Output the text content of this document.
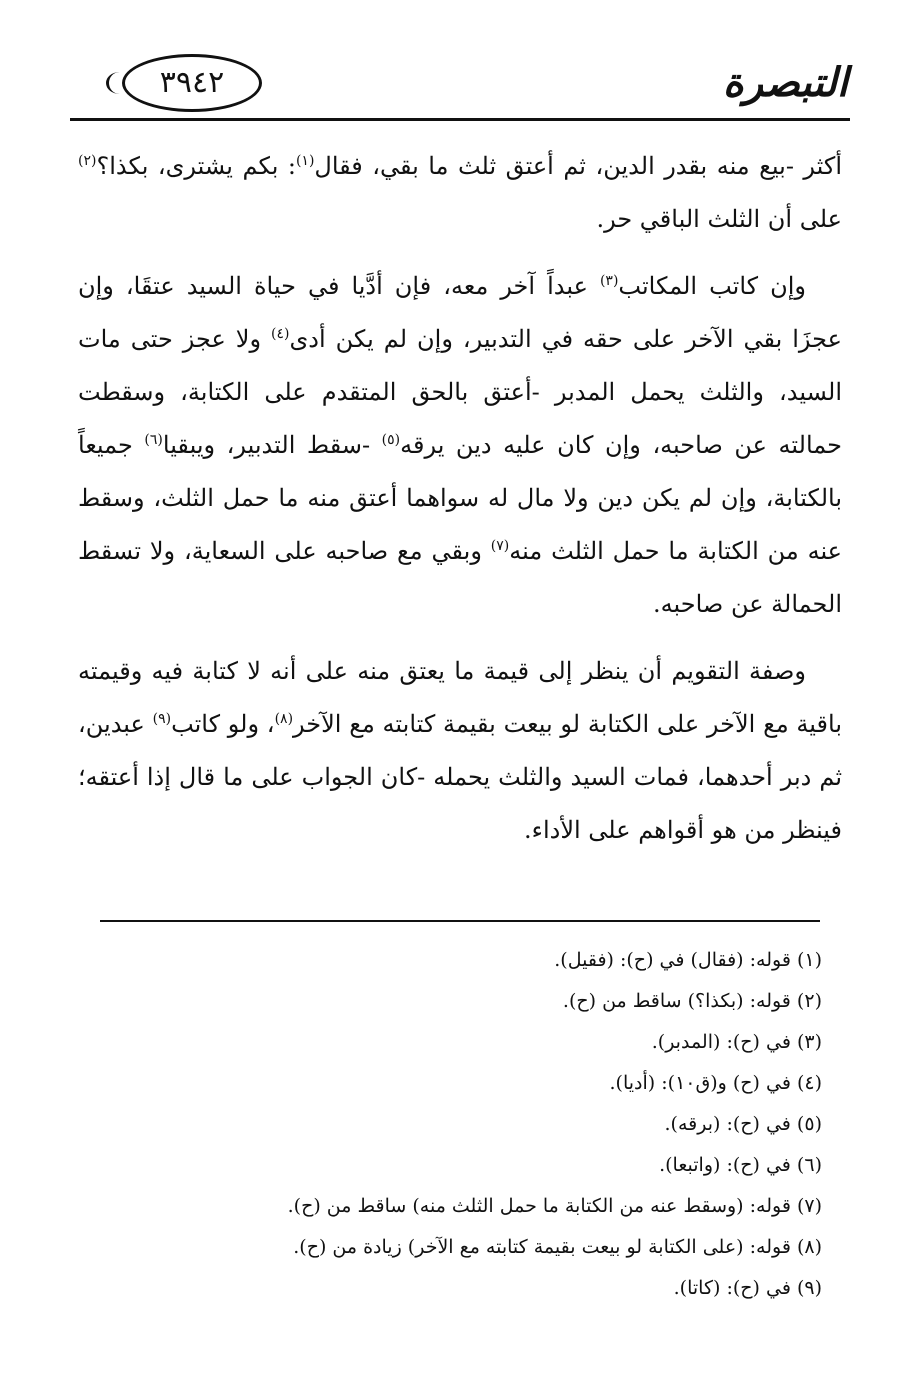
التبصرة
٣٩٤٢

أكثر -بيع منه بقدر الدين، ثم أعتق ثلث ما بقي، فقال$^{(١)}$: بكم يشترى، بكذا؟$^{(٢)}$ على أن الثلث الباقي حر.

وإن كاتب المكاتب$^{(٣)}$ عبداً آخر معه، فإن أدَّيا في حياة السيد عتقَا، وإن عجزَا بقي الآخر على حقه في التدبير، وإن لم يكن أدى$^{(٤)}$ ولا عجز حتى مات السيد، والثلث يحمل المدبر -أعتق بالحق المتقدم على الكتابة، وسقطت حمالته عن صاحبه، وإن كان عليه دين يرقه$^{(٥)}$ -سقط التدبير، ويبقيا$^{(٦)}$ جميعاً بالكتابة، وإن لم يكن دين ولا مال له سواهما أعتق منه ما حمل الثلث، وسقط عنه من الكتابة ما حمل الثلث منه$^{(٧)}$ وبقي مع صاحبه على السعاية، ولا تسقط الحمالة عن صاحبه.

وصفة التقويم أن ينظر إلى قيمة ما يعتق منه على أنه لا كتابة فيه وقيمته باقية مع الآخر على الكتابة لو بيعت بقيمة كتابته مع الآخر$^{(٨)}$، ولو كاتب$^{(٩)}$ عبدين، ثم دبر أحدهما، فمات السيد والثلث يحمله -كان الجواب على ما قال إذا أعتقه؛ فينظر من هو أقواهم على الأداء.

(١) قوله: (فقال) في (ح): (فقيل).
(٢) قوله: (بكذا؟) ساقط من (ح).
(٣) في (ح): (المدبر).
(٤) في (ح) و(ق١٠): (أديا).
(٥) في (ح): (برقه).
(٦) في (ح): (واتبعا).
(٧) قوله: (وسقط عنه من الكتابة ما حمل الثلث منه) ساقط من (ح).
(٨) قوله: (على الكتابة لو بيعت بقيمة كتابته مع الآخر) زيادة من (ح).
(٩) في (ح): (كاتا).
